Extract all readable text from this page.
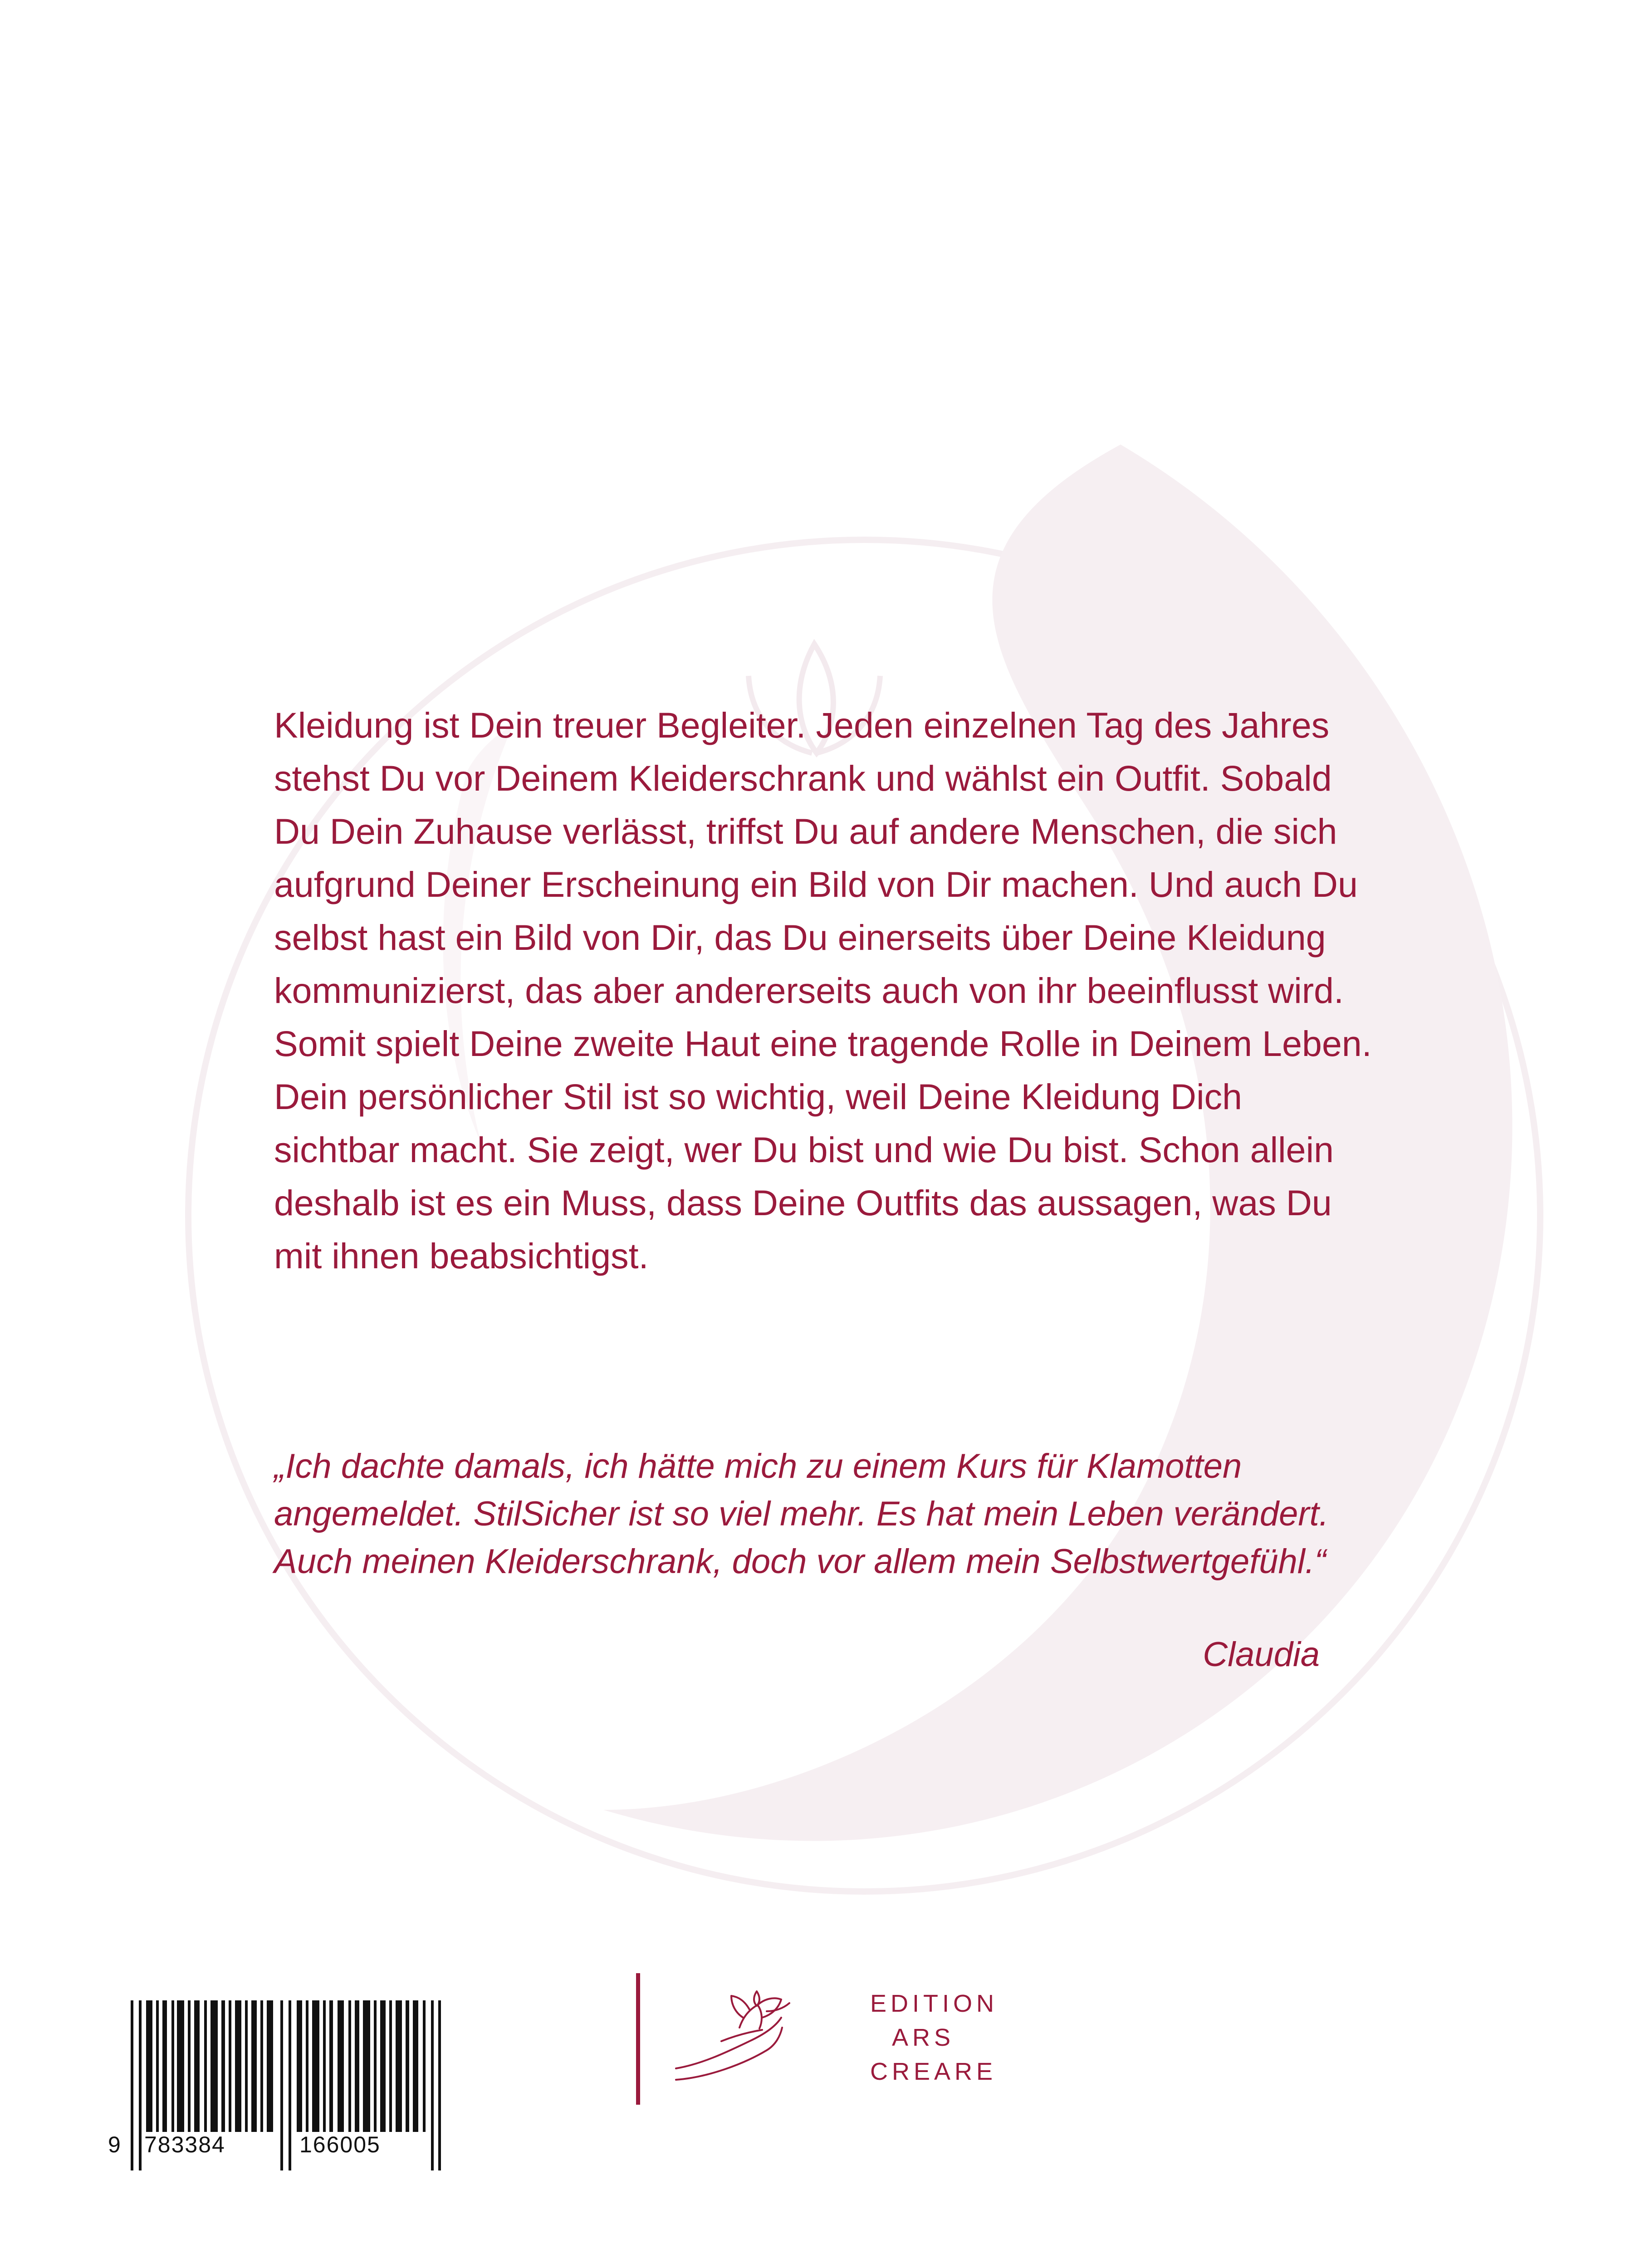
Kleidung ist Dein treuer Begleiter. Jeden einzelnen Tag des Jahres stehst Du vor Deinem Kleiderschrank und wählst ein Outfit. Sobald Du Dein Zuhause verlässt, triffst Du auf andere Menschen, die sich aufgrund Deiner Erscheinung ein Bild von Dir machen. Und auch Du selbst hast ein Bild von Dir, das Du einerseits über Deine Kleidung kommunizierst, das aber andererseits auch von ihr beeinflusst wird. Somit spielt Deine zweite Haut eine tragende Rolle in Deinem Leben. Dein persönlicher Stil ist so wichtig, weil Deine Kleidung Dich sichtbar macht. Sie zeigt, wer Du bist und wie Du bist. Schon allein deshalb ist es ein Muss, dass Deine Outfits das aussagen, was Du mit ihnen beabsichtigst.

„Ich dachte damals, ich hätte mich zu einem Kurs für Klamotten angemeldet. StilSicher ist so viel mehr. Es hat mein Leben verändert. Auch meinen Kleiderschrank, doch vor allem mein Selbstwertgefühl.“

Claudia

9 783384	166005
EDITION
ARS
CREARE
